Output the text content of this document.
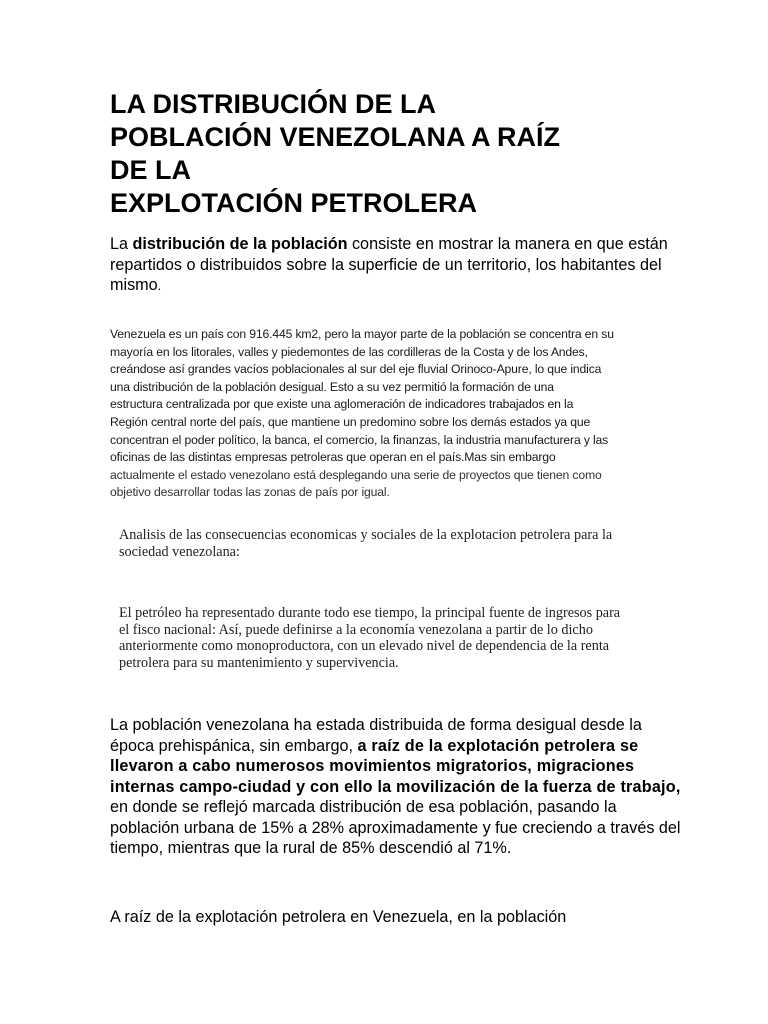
LA DISTRIBUCIÓN DE LA
POBLACIÓN VENEZOLANA A RAÍZ
DE LA
EXPLOTACIÓN PETROLERA

La distribución de la población consiste en mostrar la manera en que están repartidos o distribuidos sobre la superficie de un territorio, los habitantes del mismo.

Venezuela es un país con 916.445 km2, pero la mayor parte de la población se concentra en su
mayoría en los litorales, valles y piedemontes de las cordilleras de la Costa y de los Andes,
creándose así grandes vacíos poblacionales al sur del eje fluvial Orinoco-Apure, lo que indica
una distribución de la población desigual. Esto a su vez permitió la formación de una
estructura centralizada por que existe una aglomeración de indicadores trabajados en la
Región central norte del país, que mantiene un predomino sobre los demás estados ya que
concentran el poder político, la banca, el comercio, la finanzas, la industria manufacturera y las
oficinas de las distintas empresas petroleras que operan en el país.Mas sin embargo
actualmente el estado venezolano está desplegando una serie de proyectos que tienen como
objetivo desarrollar todas las zonas de país por igual.
Analisis de las consecuencias economicas y sociales de la explotacion petrolera para la
sociedad venezolana:
El petróleo ha representado durante todo ese tiempo, la principal fuente de ingresos para
el fisco nacional: Así, puede definirse a la economía venezolana a partir de lo dicho
anteriormente como monoproductora, con un elevado nivel de dependencia de la renta
petrolera para su mantenimiento y supervivencia.

La población venezolana ha estada distribuida de forma desigual desde la época prehispánica, sin embargo, a raíz de la explotación petrolera se llevaron a cabo numerosos movimientos migratorios, migraciones internas campo-ciudad y con ello la movilización de la fuerza de trabajo, en donde se reflejó marcada distribución de esa población, pasando la población urbana de 15% a 28% aproximadamente y fue creciendo a través del tiempo, mientras que la rural de 85% descendió al 71%.

A raíz de la explotación petrolera en Venezuela, en la población
